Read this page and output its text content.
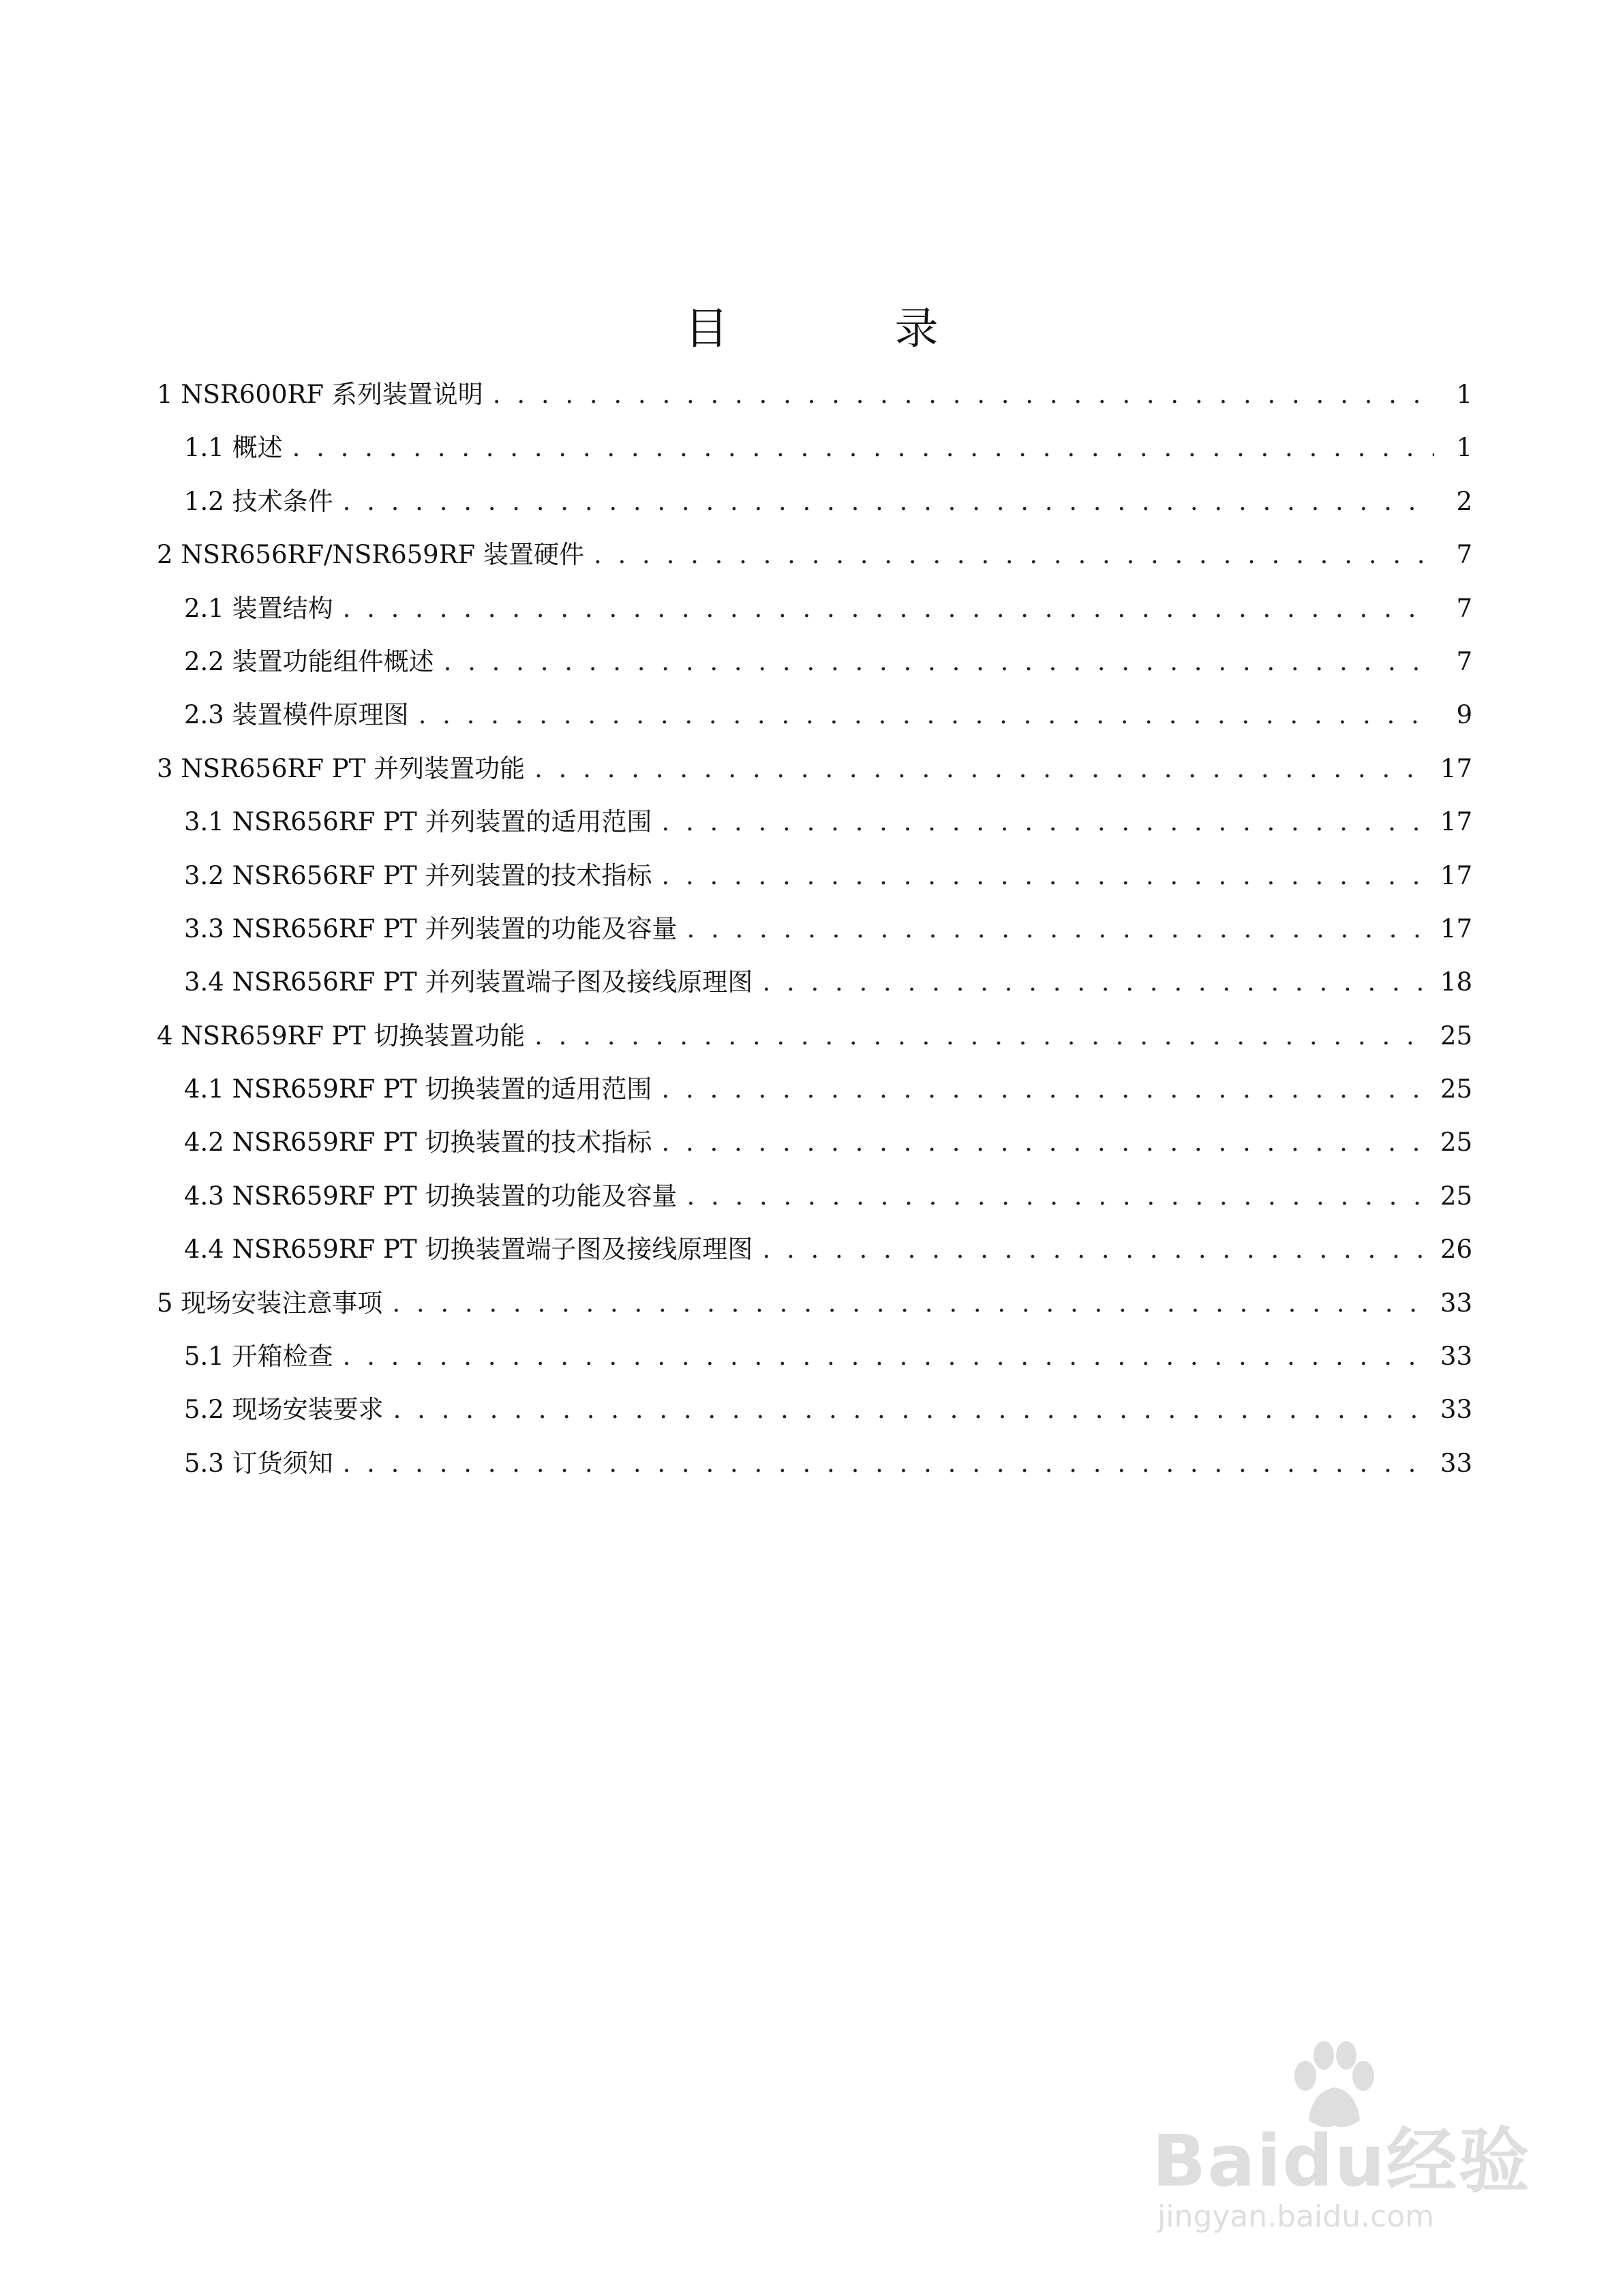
目　录
1 NSR600RF 系列装置说明 . . .	1
1.1 概述 . . .	1
1.2 技术条件 . . .	2
2 NSR656RF/NSR659RF 装置硬件 . . .	7
2.1 装置结构 . . .	7
2.2 装置功能组件概述 . . .	7
2.3 装置模件原理图 . . .	9
3 NSR656RF PT 并列装置功能 . . .	17
3.1 NSR656RF PT 并列装置的适用范围 . . .	17
3.2 NSR656RF PT 并列装置的技术指标 . . .	17
3.3 NSR656RF PT 并列装置的功能及容量 . . .	17
3.4 NSR656RF PT 并列装置端子图及接线原理图 . . .	18
4 NSR659RF PT 切换装置功能 . . .	25
4.1 NSR659RF PT 切换装置的适用范围 . . .	25
4.2 NSR659RF PT 切换装置的技术指标 . . .	25
4.3 NSR659RF PT 切换装置的功能及容量 . . .	25
4.4 NSR659RF PT 切换装置端子图及接线原理图 . . .	26
5 现场安装注意事项 . . .	33
5.1 开箱检查 . . .	33
5.2 现场安装要求 . . .	33
5.3 订货须知 . . .	33
Baidu经验
jingyan.baidu.com
